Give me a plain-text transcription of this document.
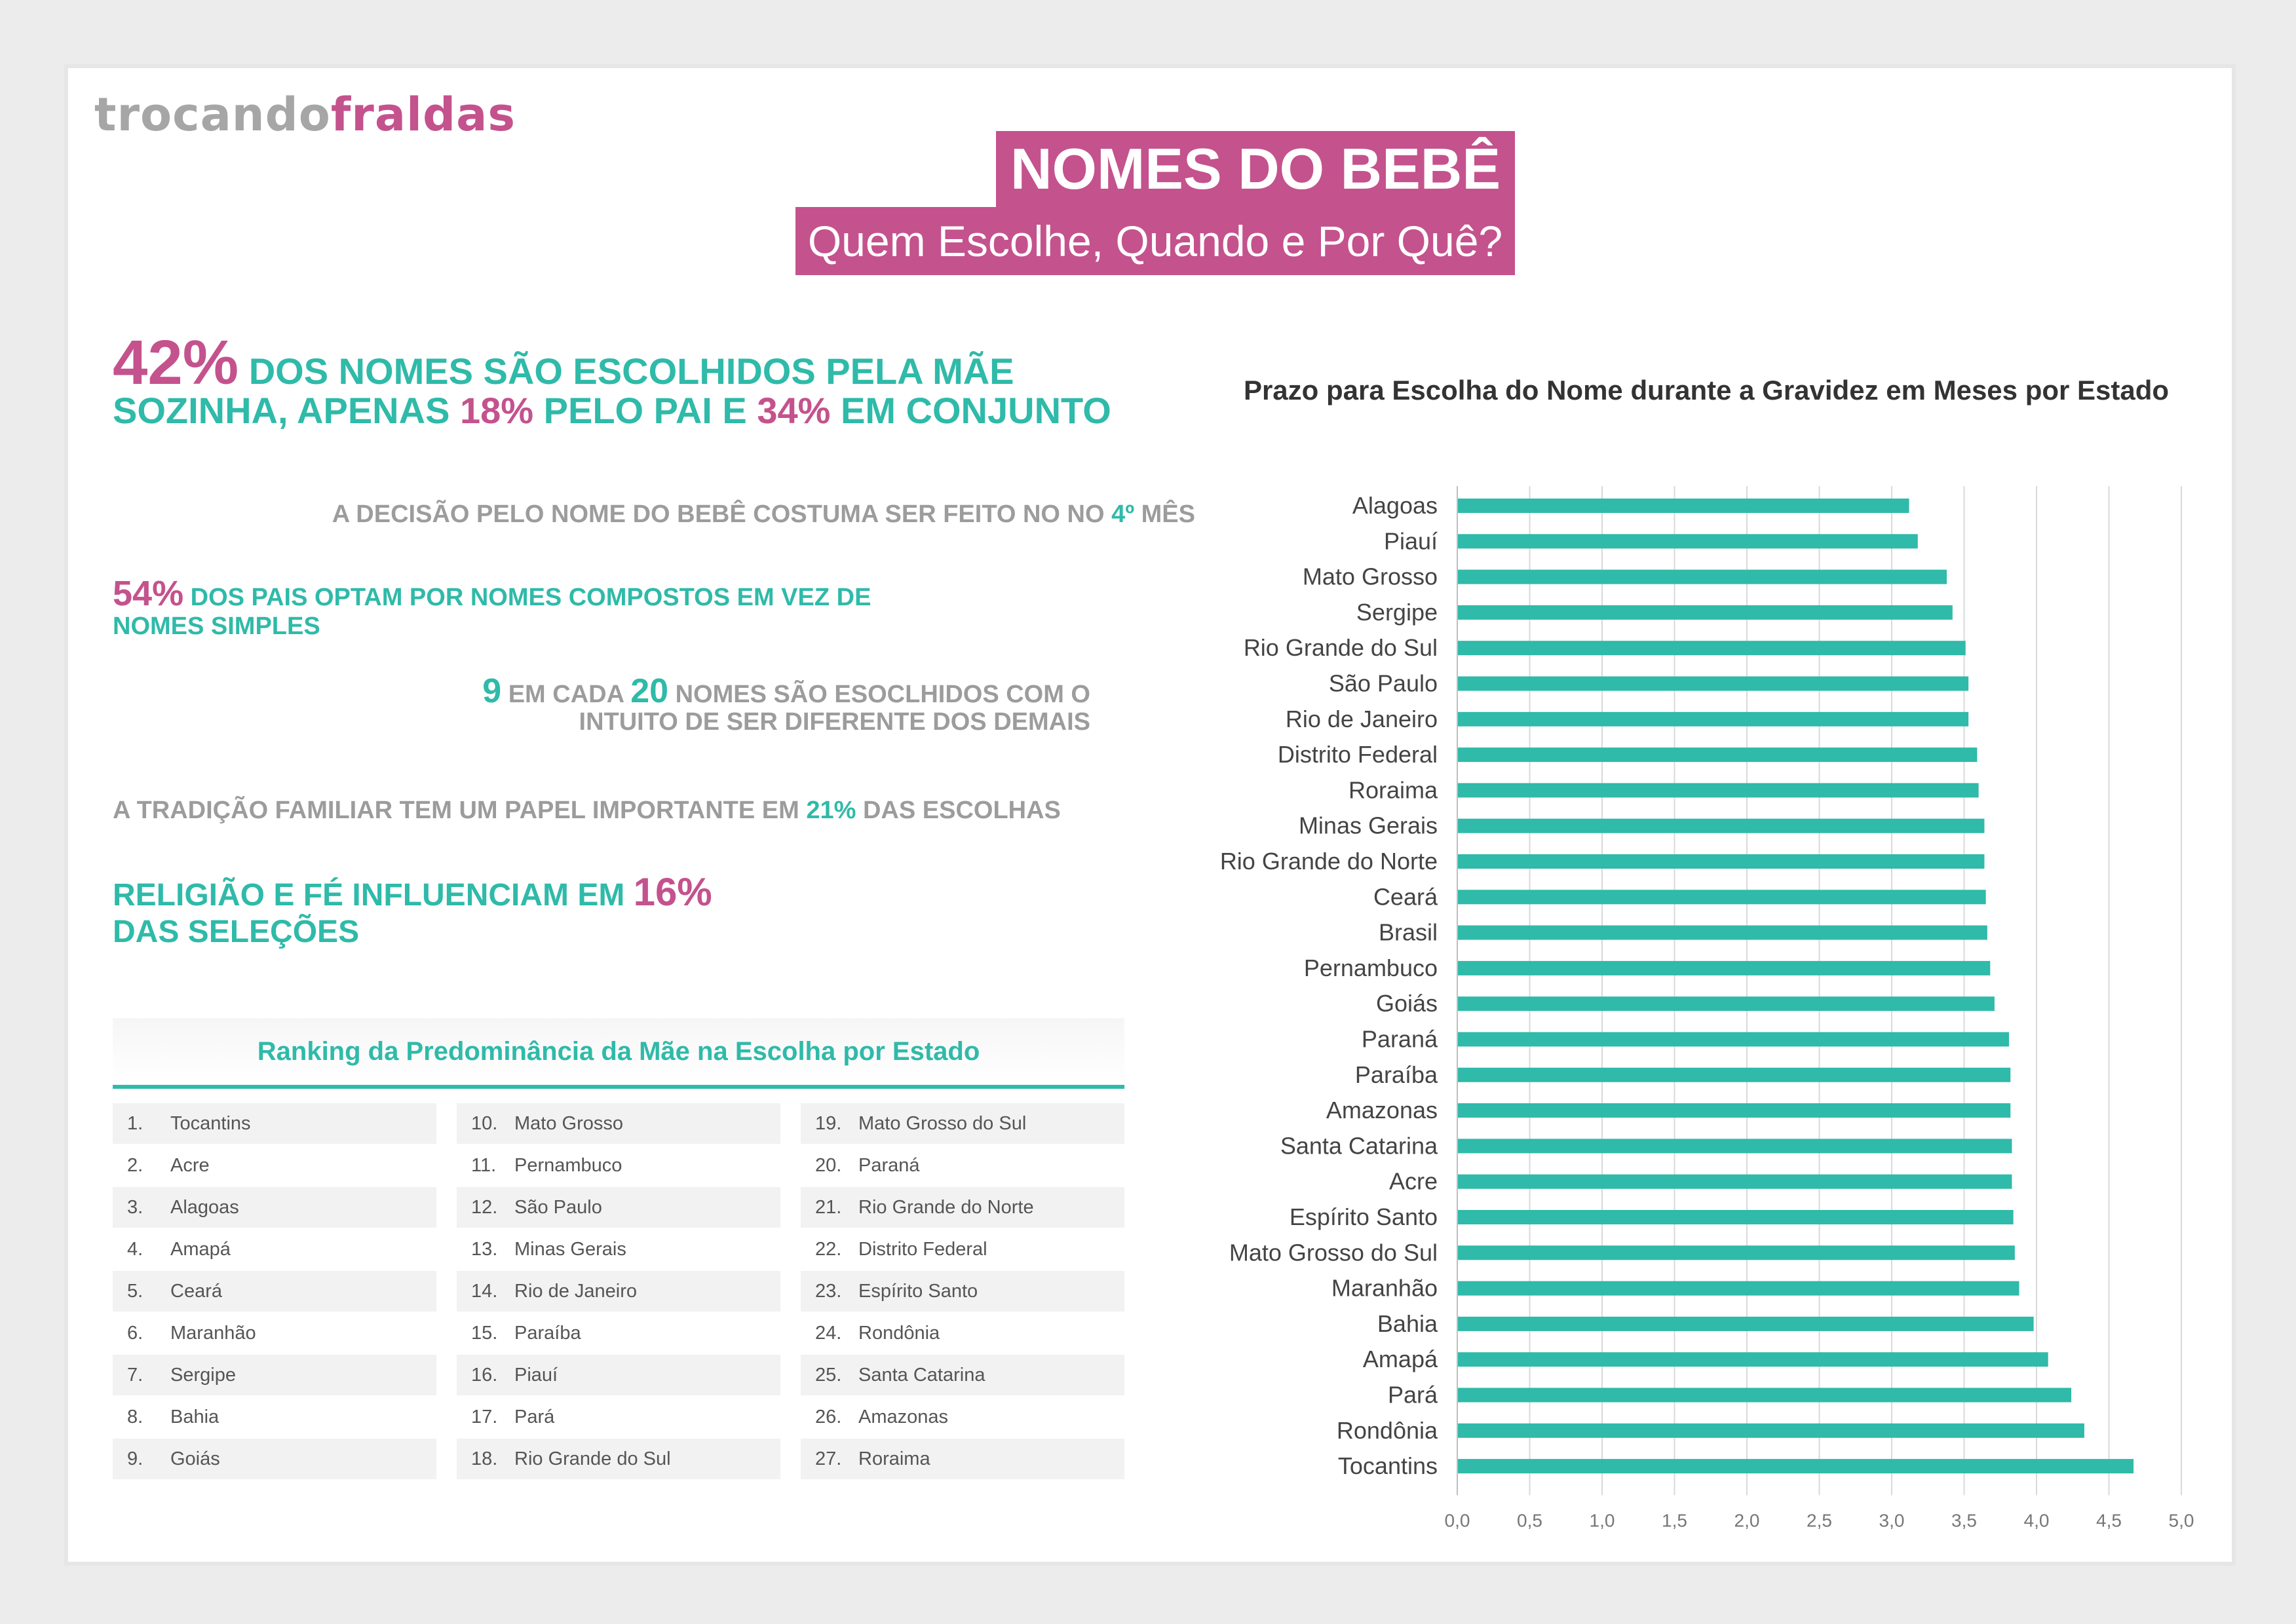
trocandofraldas
NOMES DO BEBÊ
Quem Escolhe, Quando e Por Quê?
42% DOS NOMES SÃO ESCOLHIDOS PELA MÃE
SOZINHA, APENAS 18% PELO PAI E 34% EM CONJUNTO
A DECISÃO PELO NOME DO BEBÊ COSTUMA SER FEITO NO NO 4º MÊS
54% DOS PAIS OPTAM POR NOMES COMPOSTOS EM VEZ DE
NOMES SIMPLES
9 EM CADA 20 NOMES SÃO ESOCLHIDOS COM O
INTUITO DE SER DIFERENTE DOS DEMAIS
A TRADIÇÃO FAMILIAR TEM UM PAPEL IMPORTANTE EM 21% DAS ESCOLHAS
RELIGIÃO E FÉ INFLUENCIAM EM 16%
DAS SELEÇÕES
Ranking da Predominância da Mãe na Escolha por Estado
1.	Tocantins
2.	Acre
3.	Alagoas
4.	Amapá
5.	Ceará
6.	Maranhão
7.	Sergipe
8.	Bahia
9.	Goiás
10. Mato Grosso
11. Pernambuco
12. São Paulo
13. Minas Gerais
14. Rio de Janeiro
15. Paraíba
16. Piauí
17. Pará
18. Rio Grande do Sul
19. Mato Grosso do Sul
20. Paraná
21. Rio Grande do Norte
22. Distrito Federal
23. Espírito Santo
24. Rondônia
25. Santa Catarina
26. Amazonas
27. Roraima
Prazo para Escolha do Nome durante a Gravidez em Meses por Estado
0,0	0,5	1,0	1,5	2,0	2,5	3,0	3,5	4,0	4,5	5,0
Alagoas
Piauí
Mato Grosso
Sergipe
Rio Grande do Sul
São Paulo
Rio de Janeiro
Distrito Federal
Roraima
Minas Gerais
Rio Grande do Norte
Ceará
Brasil
Pernambuco
Goiás
Paraná
Paraíba
Amazonas
Santa Catarina
Acre
Espírito Santo
Mato Grosso do Sul
Maranhão
Bahia
Amapá
Pará
Rondônia
Tocantins
